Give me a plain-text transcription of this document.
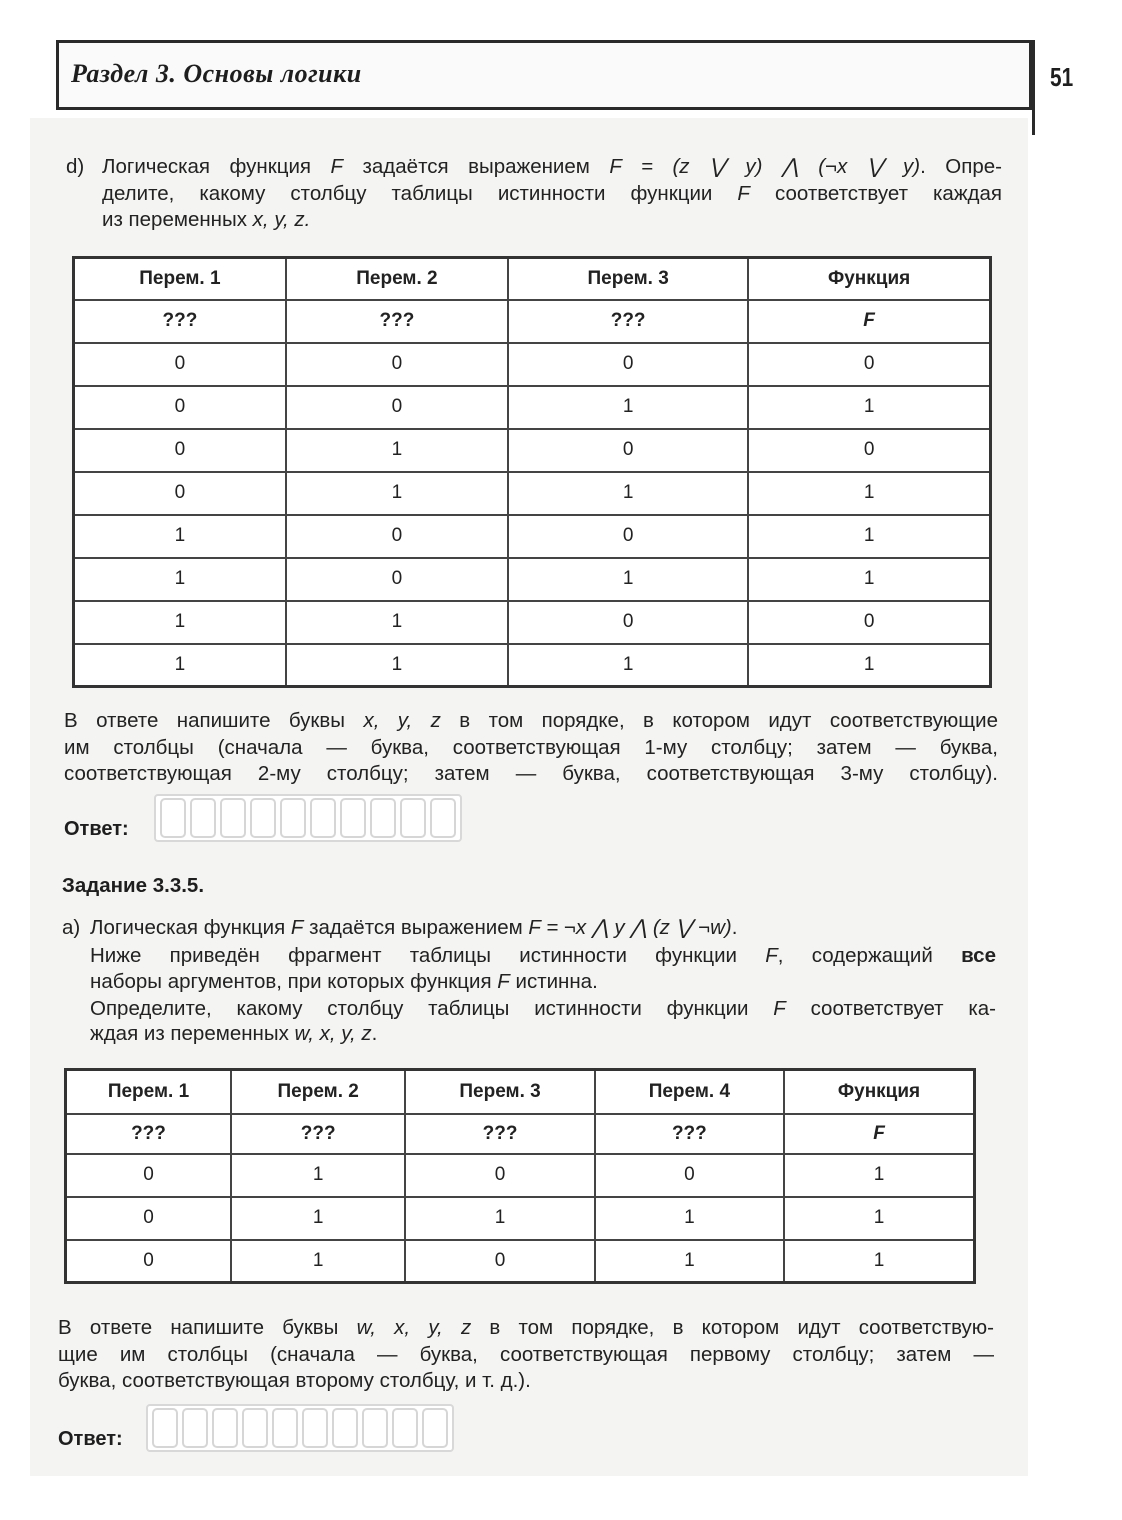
Раздел 3. Основы логики	51
d) Логическая функция F задаётся выражением F = (z ⋁ y) ⋀ (¬x ⋁ y). Опре-
делите, какому столбцу таблицы истинности функции F соответствует каждая
из переменных x, y, z.
Перем. 1	Перем. 2	Перем. 3	Функция
???	???	???	F
0	0	0	0
0	0	1	1
0	1	0	0
0	1	1	1
1	0	0	1
1	0	1	1
1	1	0	0
1	1	1	1
В ответе напишите буквы x, y, z в том порядке, в котором идут соответствующие
им столбцы (сначала — буква, соответствующая 1-му столбцу; затем — буква,
соответствующая 2-му столбцу; затем — буква, соответствующая 3-му столбцу).
Ответ:
Задание 3.3.5.
а) Логическая функция F задаётся выражением F = ¬x ⋀ y ⋀ (z ⋁ ¬w).
Ниже приведён фрагмент таблицы истинности функции F, содержащий все
наборы аргументов, при которых функция F истинна.
Определите, какому столбцу таблицы истинности функции F соответствует ка-
ждая из переменных w, x, y, z.
Перем. 1	Перем. 2	Перем. 3	Перем. 4	Функция
???	???	???	???	F
0	1	0	0	1
0	1	1	1	1
0	1	0	1	1
В ответе напишите буквы w, x, y, z в том порядке, в котором идут соответствую-
щие им столбцы (сначала — буква, соответствующая первому столбцу; затем —
буква, соответствующая второму столбцу, и т. д.).
Ответ:
